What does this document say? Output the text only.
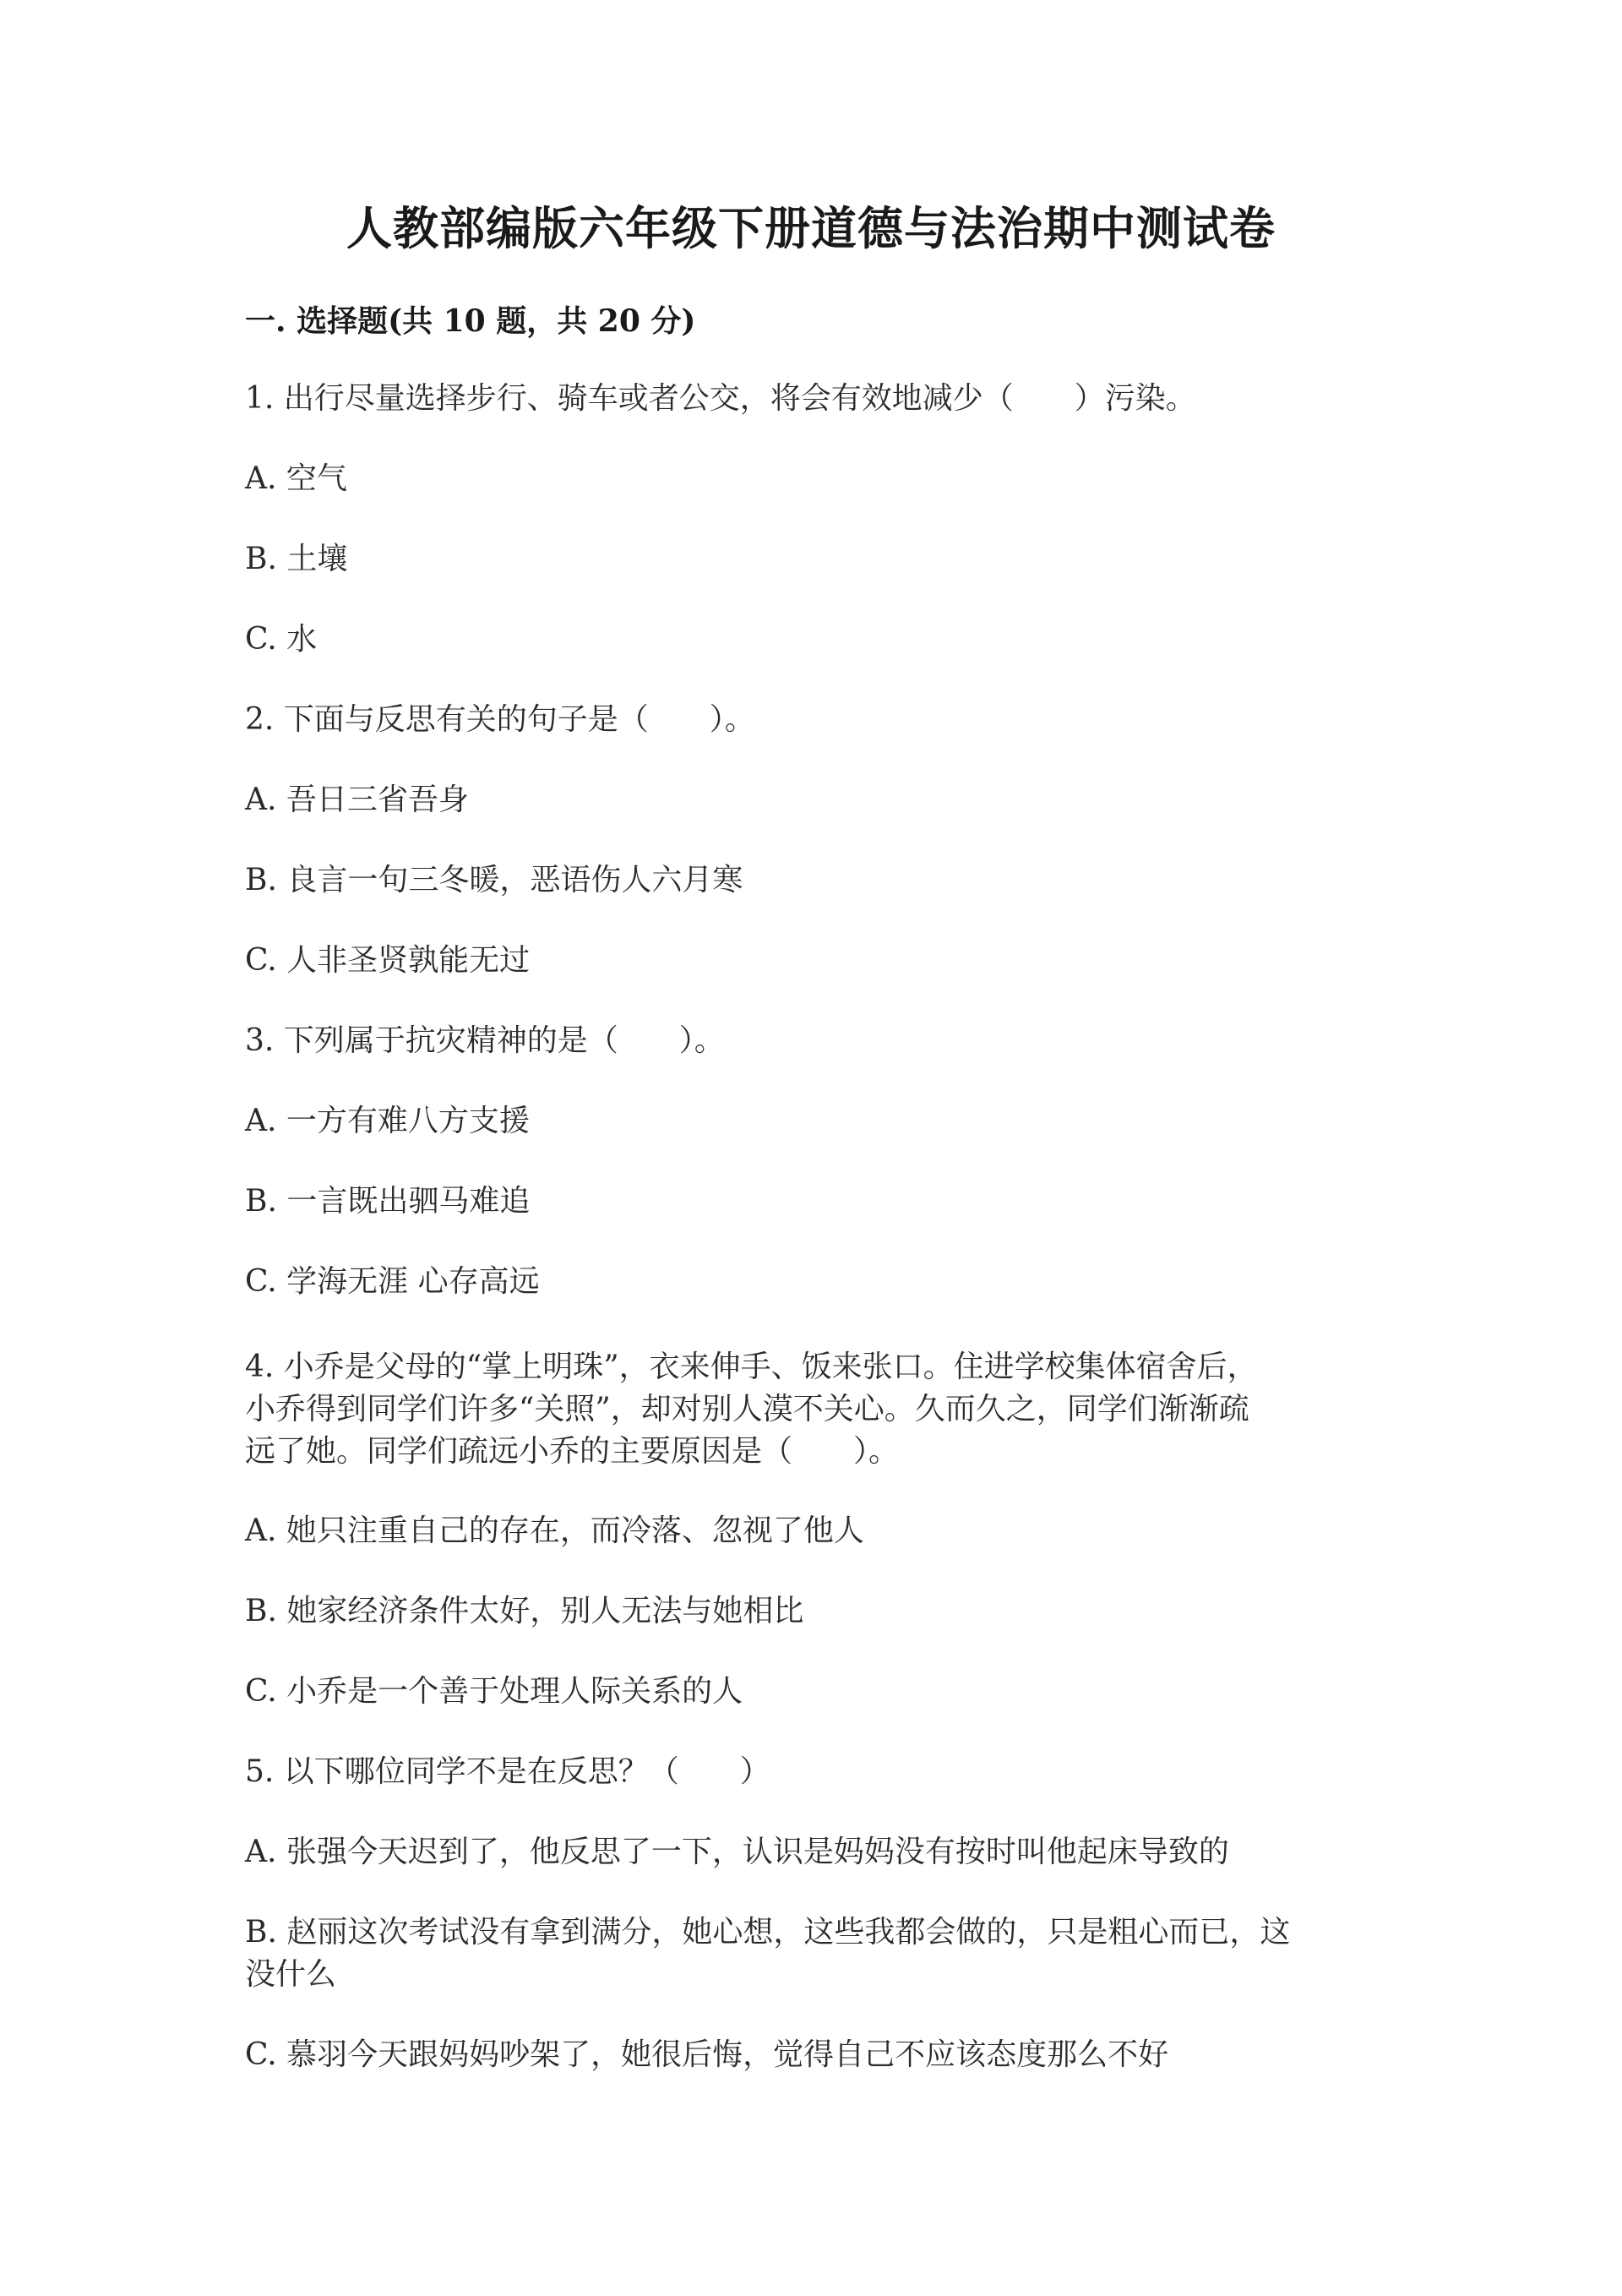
人教部编版六年级下册道德与法治期中测试卷
一. 选择题(共 10 题，共 20 分)
1. 出行尽量选择步行、骑车或者公交，将会有效地减少（　　）污染。
A. 空气
B. 土壤
C. 水
2. 下面与反思有关的句子是（　　）。
A. 吾日三省吾身
B. 良言一句三冬暖，恶语伤人六月寒
C. 人非圣贤孰能无过
3. 下列属于抗灾精神的是（　　）。
A. 一方有难八方支援
B. 一言既出驷马难追
C. 学海无涯 心存高远
4. 小乔是父母的“掌上明珠”，衣来伸手、饭来张口。住进学校集体宿舍后，
小乔得到同学们许多“关照”，却对别人漠不关心。久而久之，同学们渐渐疏
远了她。同学们疏远小乔的主要原因是（　　）。
A. 她只注重自己的存在，而冷落、忽视了他人
B. 她家经济条件太好，别人无法与她相比
C. 小乔是一个善于处理人际关系的人
5. 以下哪位同学不是在反思？（　　）
A. 张强今天迟到了，他反思了一下，认识是妈妈没有按时叫他起床导致的
B. 赵丽这次考试没有拿到满分，她心想，这些我都会做的，只是粗心而已，这
没什么
C. 慕羽今天跟妈妈吵架了，她很后悔，觉得自己不应该态度那么不好
